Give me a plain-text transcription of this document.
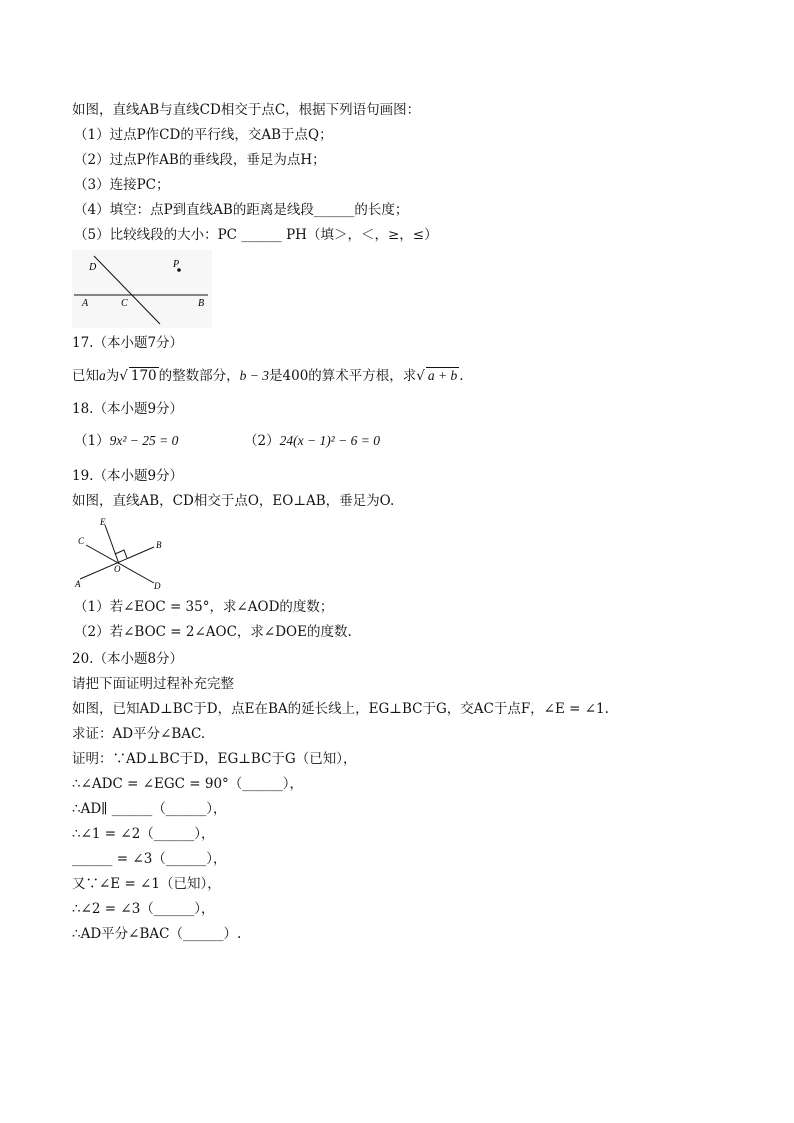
如图，直线AB与直线CD相交于点C，根据下列语句画图：
（1）过点P作CD的平行线，交AB于点Q；
（2）过点P作AB的垂线段，垂足为点H；
（3）连接PC；
（4）填空：点P到直线AB的距离是线段______的长度；
（5）比较线段的大小：PC ______ PH（填＞，＜，≥，≤）
D	P
A	C	B
17.（本小题7分）
已知a为√ 170 的整数部分，b − 3是400的算术平方根，求√ a + b .
18.（本小题9分）
（1）9x² − 25 = 0	（2）24(x − 1)² − 6 = 0
19.（本小题9分）
如图，直线AB，CD相交于点O，EO⊥AB，垂足为O.
E
C	B
O
A	D
（1）若∠EOC = 35°，求∠AOD的度数；
（2）若∠BOC = 2∠AOC，求∠DOE的度数.
20.（本小题8分）
请把下面证明过程补充完整
如图，已知AD⊥BC于D，点E在BA的延长线上，EG⊥BC于G，交AC于点F，∠E = ∠1.
求证：AD平分∠BAC.
证明：∵AD⊥BC于D，EG⊥BC于G（已知），
∴∠ADC = ∠EGC = 90°（______），
∴AD∥ ______（______），
∴∠1 = ∠2（______），
______ = ∠3（______），
又∵∠E = ∠1（已知），
∴∠2 = ∠3（______），
∴AD平分∠BAC（______）.
